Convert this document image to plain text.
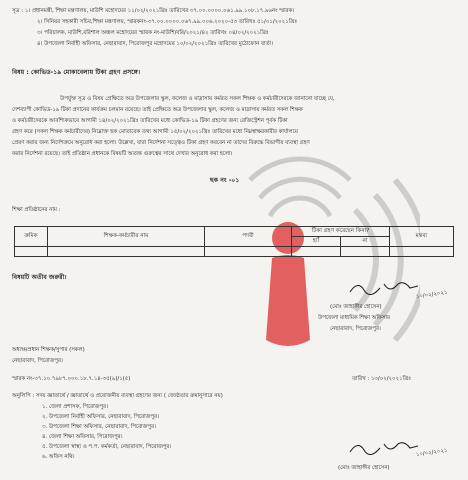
সূত্র : ১। প্রধানমন্ত্রী, শিক্ষা মন্ত্রণালয়, মাউশি মহোদয়ের ১১/০২/২০২১খ্রিঃ তারিখের ৩৭.০০.০০০০.০৬১.৯৯.১০৮.১৭.৯৬নং স্মারক।
২। সিনিয়র সহকারী সচিব,শিক্ষা মন্ত্রণালয়, স্মারকনং-৩৭.০০.০০০০.০৬৭.৯৯.০০৬.২০২০-৫৩ তারিখঃ ৫১/০১/২০২১খ্রিঃ
৩। পরিচালক, মাউশি,বরিশাল অঞ্চল মহোদয়ের স্মারক নং-মাউশি/বরি/২০২১/৪২ তারিখঃ ০৪/০২/২০২১খ্রিঃ
৪। উপজেলা নির্বাহী অফিসার, নেছারাবাদ, পিরোজপুর মহোদয়ের ১০/০২/২০২১খ্রিঃ তারিখের মুঠোফোন বার্তা।
বিষয় : কোভিড-১৯ মোকাবেলায় টিকা গ্রহণ প্রসঙ্গে।
উপর্যুক্ত সূত্র ও বিষয় প্রেক্ষিতে অত্র উপজেলার স্কুল, কলেজ ও মাদ্রাসায় কর্মরত সকল শিক্ষক ও কর্মচারীদেরকে জানানো যাচ্ছে যে,
দেশব্যাপী কোভিড-১৯ টিকা প্রদানের কার্যক্রম চলমান রয়েছে। তাই প্রেক্ষিতে অত্র উপজেলার স্কুল, কলেজ ও মাদ্রাসায় কর্মরত সকল শিক্ষক
ও কর্মচারীদেরকে আবশ্যিকভাবে আগামী ১৪/০২/২০২১খ্রিঃ তারিখের মধ্যে কোভিড-১৯ টিকা গ্রহণের জন্য রেজিস্ট্রেশন পূর্বক টিকা
গ্রহণ করে (সকল শিক্ষক কর্মচারীদের) নিম্নোক্ত ছক মোতাবেক তথ্য আগামী ১৫/০২/২০২১খ্রিঃ তারিখের মধ্যে নিম্নস্বাক্ষরকারীর কার্যালয়ে
প্রেরণ করার জন্য নির্দেশক্রমে অনুরোধ করা হলো। উল্লেখ্য, যারা নির্দেশনা সত্ত্বেও টিকা গ্রহণ করবেন না তাদের বিরুদ্ধে বিভাগীয় ব্যবস্থা গ্রহণ
করার নির্দেশনা রয়েছে। তাই প্রতিষ্ঠান প্রধানকে বিষয়টি অত্যন্ত গুরুত্বের সাথে দেখার অনুরোধ করা হলো।
ছক নং -০১
শিক্ষা প্রতিষ্ঠানের নাম :
ক্রমিক	শিক্ষক-কর্মচারীর নাম	পদবী	টিকা গ্রহণ করেছেন কিনা?		মন্তব্য
			হ্যাঁ	না	

বিষয়টি অতীব জরুরী।
১০/০২/২০২১
(মোঃ জাহাঙ্গীর হোসেন)
উপজেলা মাধ্যমিক শিক্ষা অফিসার
নেছারাবাদ, পিরোজপুর।
অধ্যক্ষ/প্রধান শিক্ষক/সুপার (সকল)
নেছারাবাদ, পিরোজপুর।
স্মারক নং-৩৭.১০.৭৯৮৭.০০০.১৮.৭.১৪-৩৫(৯)/১(৫)	তারিখ : ১৩/০২/২০২১খ্রিঃ
অনুলিপি : সদয় জ্ঞাতার্থে / জ্ঞাতার্থে ও প্রয়োজনীয় ব্যবস্থা গ্রহণের জন্য ( জ্যেষ্ঠতার ক্রমানুসারে নয়)
১. জেলা প্রশাসক, পিরোজপুর।
২. উপজেলা নির্বাহী অফিসার, নেছারাবাদ, পিরোজপুর।
৩. উপজেলা শিক্ষা অফিসার, নেছারাবাদ, পিরোজপুর।
৪. জেলা শিক্ষা অফিসার, পিরোজপুর।
৫. উপজেলা স্বাস্থ্য ও প.প. কর্মকর্তা, নেছারাবাদ, পিরোজপুর।
৬. অফিস নথি।	১০/০২/২০২১
(মোঃ জাহাঙ্গীর হোসেন)
